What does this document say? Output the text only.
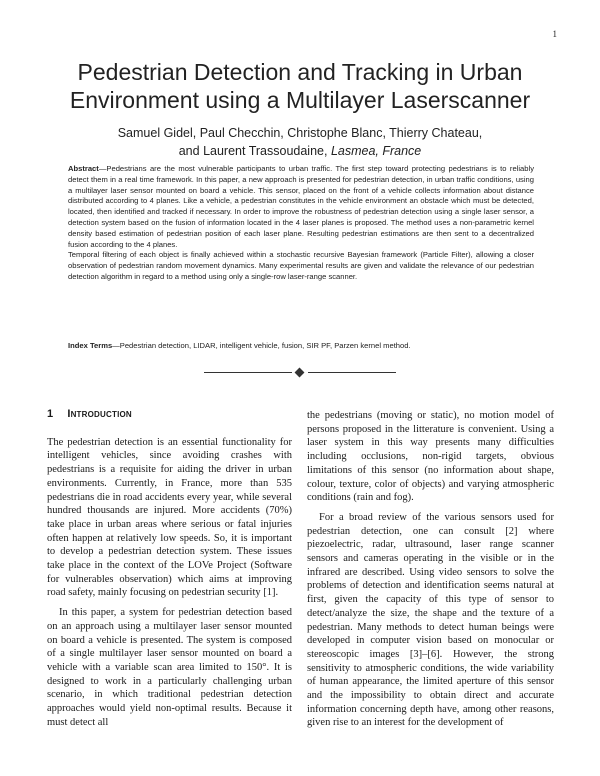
1
Pedestrian Detection and Tracking in Urban Environment using a Multilayer Laserscanner
Samuel Gidel, Paul Checchin, Christophe Blanc, Thierry Chateau,
and Laurent Trassoudaine, Lasmea, France

Abstract—Pedestrians are the most vulnerable participants to urban traffic. The first step toward protecting pedestrians is to reliably detect them in a real time framework. In this paper, a new approach is presented for pedestrian detection, in urban traffic conditions, using a multilayer laser sensor mounted on board a vehicle. This sensor, placed on the front of a vehicle collects information about distance distributed according to 4 planes. Like a vehicle, a pedestrian constitutes in the vehicle environment an obstacle which must be detected, located, then identified and tracked if necessary. In order to improve the robustness of pedestrian detection using a single laser sensor, a detection system based on the fusion of information located in the 4 laser planes is proposed. The method uses a non-parametric kernel density based estimation of pedestrian position of each laser plane. Resulting pedestrian estimations are then sent to a decentralized fusion according to the 4 planes.

Temporal filtering of each object is finally achieved within a stochastic recursive Bayesian framework (Particle Filter), allowing a closer observation of pedestrian random movement dynamics. Many experimental results are given and validate the relevance of our pedestrian detection algorithm in regard to a method using only a single-row laser-range scanner.

Index Terms—Pedestrian detection, LIDAR, intelligent vehicle, fusion, SIR PF, Parzen kernel method.
1 Introduction

The pedestrian detection is an essential functionality for intelligent vehicles, since avoiding crashes with pedestrians is a requisite for aiding the driver in urban environments. Currently, in France, more than 535 pedestrians die in road accidents every year, while several hundred thousands are injured. More accidents (70%) take place in urban areas where serious or fatal injuries often happen at relatively low speeds. So, it is important to develop a pedestrian detection system. These issues take place in the context of the LOVe Project (Software for vulnerables observation) which aims at improving road safety, mainly focusing on pedestrian security [1].

In this paper, a system for pedestrian detection based on an approach using a multilayer laser sensor mounted on board a vehicle is presented. The system is composed of a single multilayer laser sensor mounted on board a vehicle with a variable scan area limited to 150°. It is designed to work in a particularly challenging urban scenario, in which traditional pedestrian detection approaches would yield non-optimal results. Because it must detect all

the pedestrians (moving or static), no motion model of persons proposed in the litterature is convenient. Using a laser system in this way presents many difficulties including occlusions, non-rigid targets, obvious limitations of this sensor (no information about shape, colour, texture, color of objects) and varying atmospheric conditions (rain and fog).

For a broad review of the various sensors used for pedestrian detection, one can consult [2] where piezoelectric, radar, ultrasound, laser range scanner sensors and cameras operating in the visible or in the infrared are described. Using video sensors to solve the problems of detection and identification seems natural at first, given the capacity of this type of sensor to detect/analyze the size, the shape and the texture of a pedestrian. Many methods to detect human beings were developed in computer vision based on monocular or stereoscopic images [3]–[6]. However, the strong sensitivity to atmospheric conditions, the wide variability of human appearance, the limited aperture of this sensor and the impossibility to obtain direct and accurate information concerning depth have, among other reasons, given rise to an interest for the development of
